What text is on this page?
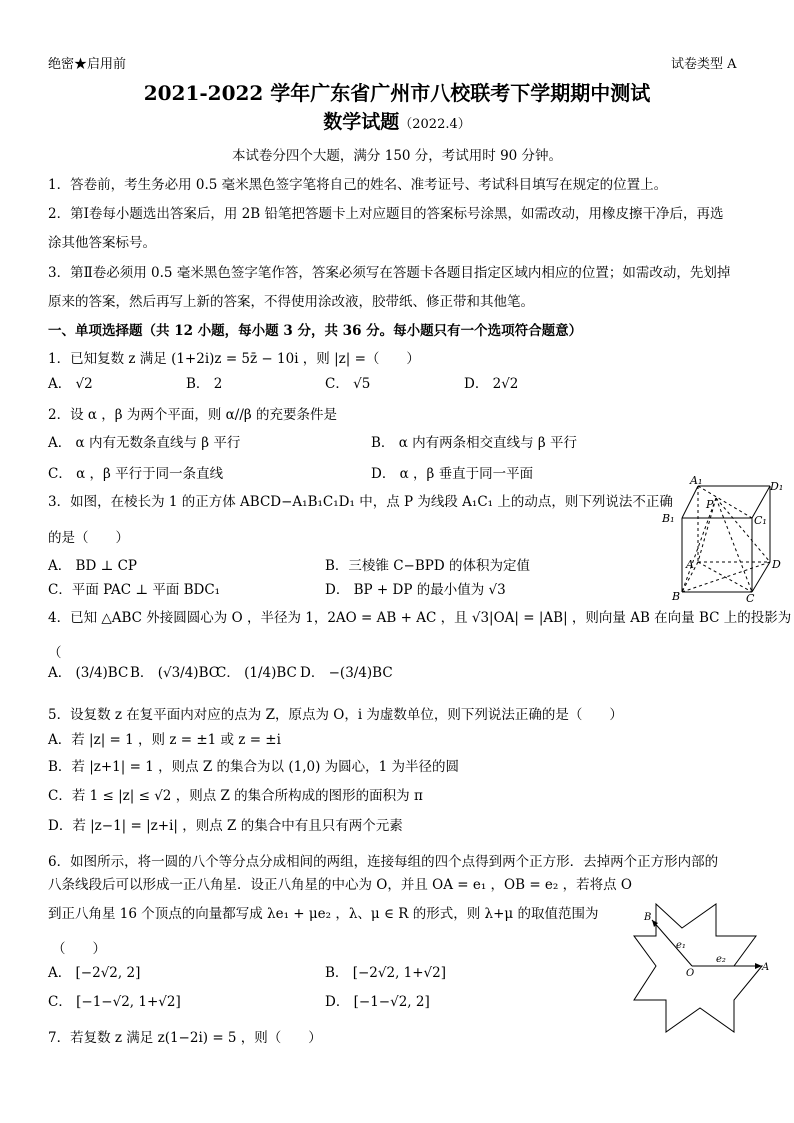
绝密★启用前	试卷类型 A
2021-2022 学年广东省广州市八校联考下学期期中测试
数学试题（2022.4）
本试卷分四个大题，满分 150 分，考试用时 90 分钟。
1．答卷前，考生务必用 0.5 毫米黑色签字笔将自己的姓名、准考证号、考试科目填写在规定的位置上。
2．第Ⅰ卷每小题选出答案后，用 2B 铅笔把答题卡上对应题目的答案标号涂黑，如需改动，用橡皮擦干净后，再选
涂其他答案标号。
3．第Ⅱ卷必须用 0.5 毫米黑色签字笔作答，答案必须写在答题卡各题目指定区域内相应的位置；如需改动，先划掉
原来的答案，然后再写上新的答案，不得使用涂改液，胶带纸、修正带和其他笔。
一、单项选择题（共 12 小题，每小题 3 分，共 36 分。每小题只有一个选项符合题意）
1．已知复数 z 满足 (1+2i)z = 5z̄ − 10i ，则 |z| =（　　）
A． √2	B． 2	C． √5	D． 2√2
2．设 α ，β 为两个平面，则 α//β 的充要条件是
A． α 内有无数条直线与 β 平行	B． α 内有两条相交直线与 β 平行
C． α ，β 平行于同一条直线	D． α ，β 垂直于同一平面
3．如图，在棱长为 1 的正方体 ABCD−A₁B₁C₁D₁ 中，点 P 为线段 A₁C₁ 上的动点，则下列说法不正确
的是（　　）
A． BD ⊥ CP	B．三棱锥 C−BPD 的体积为定值
C．平面 PAC ⊥ 平面 BDC₁	D． BP + DP 的最小值为 √3
A₁	D₁
B₁	C₁
P
A	D
B	C
4．已知 △ABC 外接圆圆心为 O ，半径为 1，2AO = AB + AC ，且 √3|OA| = |AB| ，则向量 AB 在向量 BC 上的投影为
（
A． (3/4)BC B． (√3/4)BC
C． (1/4)BC D． −(3/4)BC
5．设复数 z 在复平面内对应的点为 Z，原点为 O，i 为虚数单位，则下列说法正确的是（　　）
A．若 |z| = 1 ，则 z = ±1 或 z = ±i
B．若 |z+1| = 1 ，则点 Z 的集合为以 (1,0) 为圆心，1 为半径的圆
C．若 1 ≤ |z| ≤ √2 ，则点 Z 的集合所构成的图形的面积为 π
D．若 |z−1| = |z+i| ，则点 Z 的集合中有且只有两个元素
6．如图所示，将一圆的八个等分点分成相间的两组，连接每组的四个点得到两个正方形．去掉两个正方形内部的
八条线段后可以形成一正八角星．设正八角星的中心为 O，并且 OA = e₁ ，OB = e₂ ，若将点 O
到正八角星 16 个顶点的向量都写成 λe₁ + μe₂ ，λ、μ ∈ R 的形式，则 λ+μ 的取值范围为
（　　）
A． [−2√2, 2]	B． [−2√2, 1+√2]
C． [−1−√2, 1+√2]	D． [−1−√2, 2]
A
B
O
e₁
e₂
7．若复数 z 满足 z(1−2i) = 5 ，则（　　）
